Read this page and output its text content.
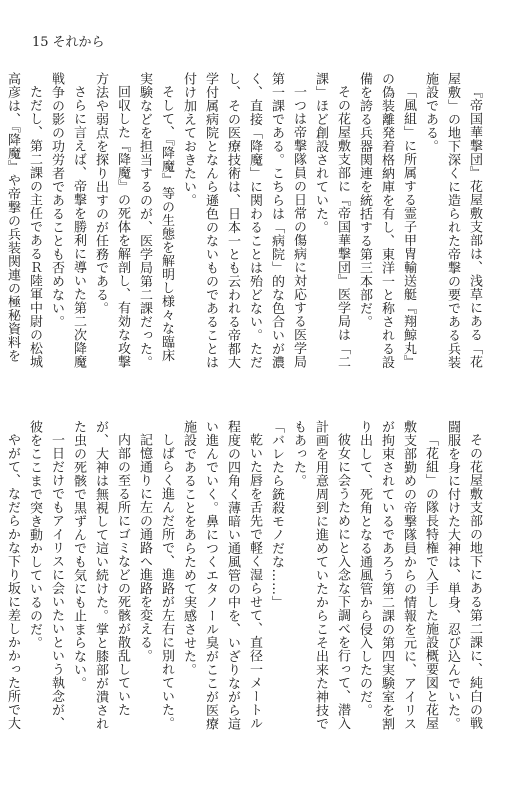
15 それから

『帝国華撃団』花屋敷支部は、浅草にある「花屋敷」の地下深くに造られた帝撃の要である兵装施設である。

「風組」に所属する霊子甲冑輸送艇『翔鯨丸』の偽装離発着格納庫を有し、東洋一と称される設備を誇る兵器関連を統括する第三本部だ。

その花屋敷支部に『帝国華撃団』医学局は「二課」ほど創設されていた。

一つは帝撃隊員の日常の傷病に対応する医学局第一課である。こちらは「病院」的な色合いが濃く、直接「降魔」に関わることは殆どない。ただし、その医療技術は、日本一とも云われる帝都大学付属病院となんら遜色のないものであることは付け加えておきたい。

そして、『降魔』等の生態を解明し様々な臨床実験などを担当するのが、医学局第二課だった。

回収した『降魔』の死体を解剖し、有効な攻撃方法や弱点を探り出すのが任務である。

さらに言えば、帝撃を勝利に導いた第二次降魔戦争の影の功労者であることも否めない。

ただし、第二課の主任であるＲ陸軍中尉の松城高彦は、『降魔』や帝撃の兵装関連の極秘資料を

その花屋敷支部の地下にある第二課に、純白の戦闘服を身に付けた大神は、単身、忍び込んでいた。

「花組」の隊長特権で入手した施設概要図と花屋敷支部勤めの帝撃隊員からの情報を元に、アイリスが拘束されているであろう第二課の第四実験室を割り出して、死角となる通風管から侵入したのだ。

彼女に会うためにと入念な下調べを行って、潜入計画を用意周到に進めていたからこそ出来た神技でもあった。

「バレたら銃殺モノだな……」

乾いた唇を舌先で軽く湿らせて、直径一メートル程度の四角く薄暗い通風管の中を、いざりながら這い進んでいく。鼻につくエタノール臭がここが医療施設であることをあらためて実感させた。

しばらく進んだ所で、進路が左右に別れていた。

記憶通りに左の通路へ進路を変える。

内部の至る所にゴミなどの死骸が散乱していたが、大神は無視して這い続けた。掌と膝部が潰された虫の死骸で黒ずんでも気にも止まらない。

一日だけでもアイリスに会いたいという執念が、彼をここまで突き動かしているのだ。

やがて、なだらかな下り坂に差しかかった所で大
